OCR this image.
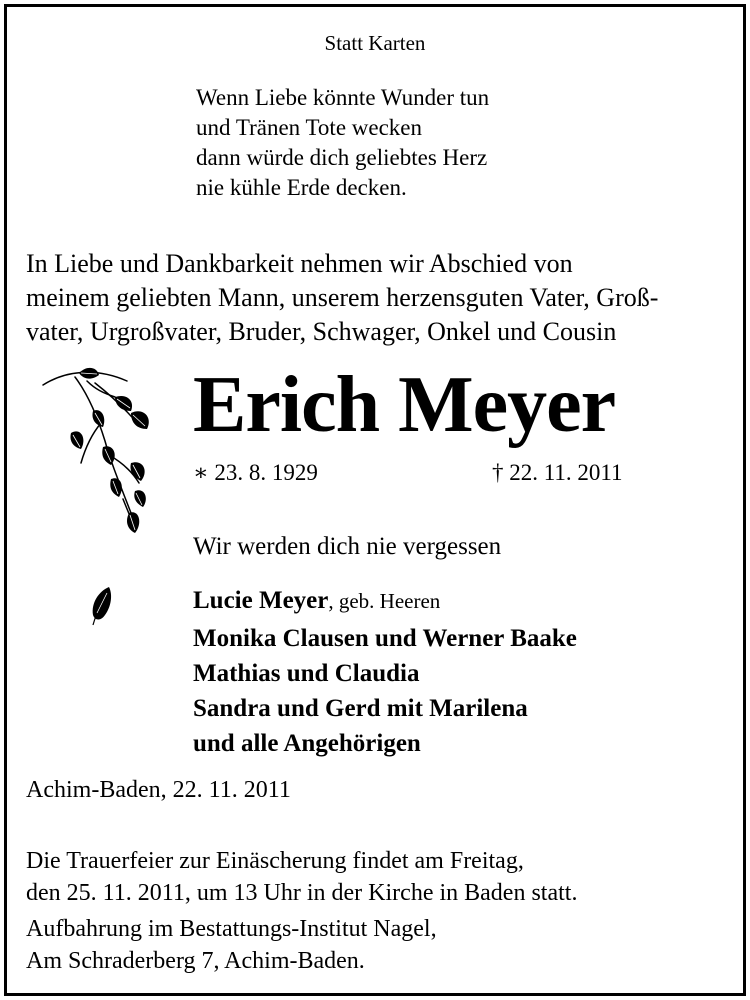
Statt Karten
Wenn Liebe könnte Wunder tun
und Tränen Tote wecken
dann würde dich geliebtes Herz
nie kühle Erde decken.
In Liebe und Dankbarkeit nehmen wir Abschied von
meinem geliebten Mann, unserem herzensguten Vater, Groß-
vater, Urgroßvater, Bruder, Schwager, Onkel und Cousin
Erich Meyer
∗ 23. 8. 1929	† 22. 11. 2011
Wir werden dich nie vergessen
Lucie Meyer, geb. Heeren
Monika Clausen und Werner Baake
Mathias und Claudia
Sandra und Gerd mit Marilena
und alle Angehörigen
Achim-Baden, 22. 11. 2011
Die Trauerfeier zur Einäscherung findet am Freitag,
den 25. 11. 2011, um 13 Uhr in der Kirche in Baden statt.
Aufbahrung im Bestattungs-Institut Nagel,
Am Schraderberg 7, Achim-Baden.
